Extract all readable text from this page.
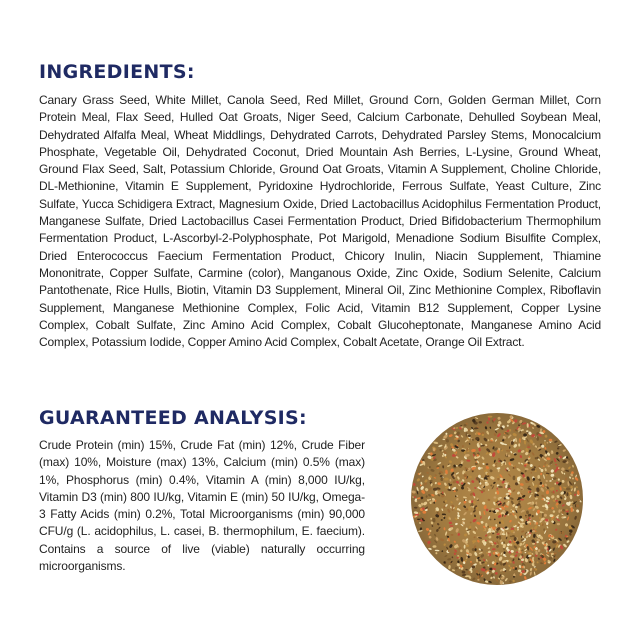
INGREDIENTS:

Canary Grass Seed, White Millet, Canola Seed, Red Millet, Ground Corn, Golden German Millet, Corn Protein Meal, Flax Seed, Hulled Oat Groats, Niger Seed, Calcium Carbonate, Dehulled Soybean Meal, Dehydrated Alfalfa Meal, Wheat Middlings, Dehydrated Carrots, Dehydrated Parsley Stems, Monocalcium Phosphate, Vegetable Oil, Dehydrated Coconut, Dried Mountain Ash Berries, L-Lysine, Ground Wheat, Ground Flax Seed, Salt, Potassium Chloride, Ground Oat Groats, Vitamin A Supplement, Choline Chloride, DL-Methionine, Vitamin E Supplement, Pyridoxine Hydrochloride, Ferrous Sulfate, Yeast Culture, Zinc Sulfate, Yucca Schidigera Extract, Magnesium Oxide, Dried Lactobacillus Acidophilus Fermentation Product, Manganese Sulfate, Dried Lactobacillus Casei Fermentation Product, Dried Bifidobacterium Thermophilum Fermentation Product, L-Ascorbyl-2-Polyphosphate, Pot Marigold, Menadione Sodium Bisulfite Complex, Dried Enterococcus Faecium Fermentation Product, Chicory Inulin, Niacin Supplement, Thiamine Mononitrate, Copper Sulfate, Carmine (color), Manganous Oxide, Zinc Oxide, Sodium Selenite, Calcium Pantothenate, Rice Hulls, Biotin, Vitamin D3 Supplement, Mineral Oil, Zinc Methionine Complex, Riboflavin Supplement, Manganese Methionine Complex, Folic Acid, Vitamin B12 Supplement, Copper Lysine Complex, Cobalt Sulfate, Zinc Amino Acid Complex, Cobalt Glucoheptonate, Manganese Amino Acid Complex, Potassium Iodide, Copper Amino Acid Complex, Cobalt Acetate, Orange Oil Extract.

GUARANTEED ANALYSIS:

Crude Protein (min) 15%, Crude Fat (min) 12%, Crude Fiber (max) 10%, Moisture (max) 13%, Calcium (min) 0.5% (max) 1%, Phosphorus (min) 0.4%, Vitamin A (min) 8,000 IU/kg, Vitamin D3 (min) 800 IU/kg, Vitamin E (min) 50 IU/kg, Omega-3 Fatty Acids (min) 0.2%, Total Microorganisms (min) 90,000 CFU/g (L. acidophilus, L. casei, B. thermophilum, E. faecium). Contains a source of live (viable) naturally occurring microorganisms.
